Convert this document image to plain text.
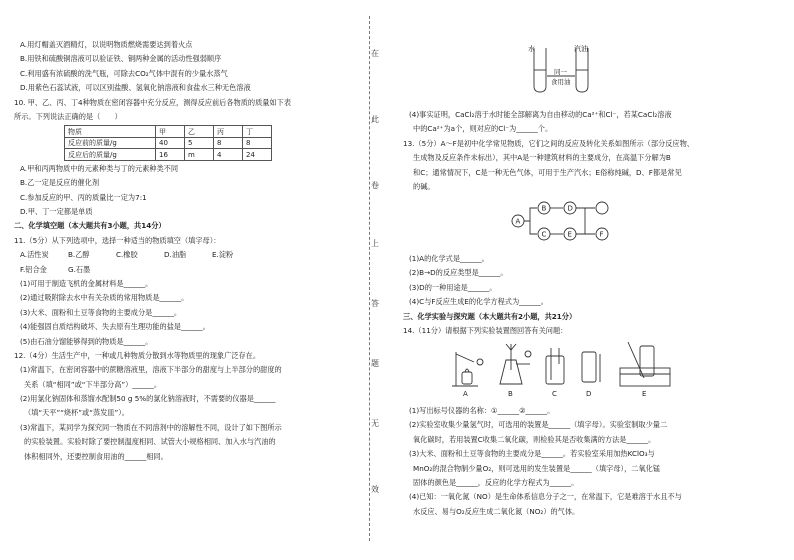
A.用灯帽盖灭酒精灯，以说明物质燃烧需要达到着火点
B.用铁和硫酸铜溶液可以验证铁、铜两种金属的活动性强弱顺序
C.利用盛有浓硫酸的洗气瓶，可除去CO₂气体中混有的少量水蒸气
D.用紫色石蕊试液，可以区别盐酸、氢氧化钠溶液和食盐水三种无色溶液
10. 甲、乙、丙、丁4种物质在密闭容器中充分反应，测得反应前后各物质的质量如下表
所示。下列说法正确的是（　　）
物质	甲	乙	丙	丁
反应前的质量/g	40	5	8	8
反应后的质量/g	16	m	4	24
A.甲和丙两物质中的元素种类与丁的元素种类不同
B.乙一定是反应的催化剂
C.参加反应的甲、丙的质量比一定为7:1
D.甲、丁一定都是单质
二、化学填空题（本大题共有3小题，共14分）
11.（5分）从下列选项中，选择一种适当的物质填空（填字母）：
A.活性炭	B.乙醇	C.橡胶	D.油脂	E.淀粉
F.铝合金	G.石墨
(1)可用于制造飞机的金属材料是______。
(2)通过吸附除去水中有关杂质的常用物质是______。
(3)大米、面粉和土豆等食物的主要成分是______。
(4)能强固自质结构破坏、失去原有生理功能的盐是______。
(5)由石油分馏能够得到的物质是______。
12.（4分）生活生产中，一种或几种物质分散到水等物质里的现象广泛存在。
(1)常温下，在密闭容器中的蔗糖溶液里，溶液下半部分的甜度与上半部分的甜度的
关系（填“相同”或“下半部分高”）______。
(2)用氯化钠固体和蒸馏水配制50 g 5%的氯化钠溶液时，不需要的仪器是______
（填“天平”“烧杯”或“蒸发皿”）。
(3)常温下，某同学为探究同一物质在不同溶剂中的溶解性不同，设计了如下图所示
的实验装置。实验时除了要控制温度相同、试管大小规格相同、加入水与汽油的
体积相同外，还要控制食用油的______相同。
在
此
卷
上
答
题
无
效
水	汽油
同一
食用油
(4)事实证明，CaCl₂溶于水时能全部解离为自由移动的Ca²⁺和Cl⁻，若某CaCl₂溶液
中的Ca²⁺为a个，则对应的Cl⁻为______个。
13.（5分）A～F是初中化学常见物质，它们之间的反应及转化关系如图所示（部分反应物、
生成物及反应条件未标出），其中A是一种建筑材料的主要成分，在高温下分解为B
和C；通常情况下，C是一种无色气体，可用于生产汽水；E俗称纯碱，D、F都是常见
的碱。
A
B
C
D
E	F
(1)A的化学式是______。
(2)B→D的反应类型是______。
(3)D的一种用途是______。
(4)C与F反应生成E的化学方程式为______。
三、化学实验与探究题（本大题共有2小题，共21分）
14.（11分）请根据下列实验装置图回答有关问题：
A	B	C	D	E
(1)写出标号仪器的名称：①______②______。
(2)实验室收集少量氢气时，可选用的装置是______（填字母）。实验室制取少量二
氧化碳时，若用装置C收集二氧化碳，则检验其是否收集满的方法是______。
(3)大米、面粉和土豆等食物的主要成分是______。若实验室采用加热KClO₃与
MnO₂的混合物制少量O₂，则可选用的发生装置是______（填字母），二氧化锰
固体的颜色是______，反应的化学方程式为______。
(4)已知：一氧化氮（NO）是生命体系信息分子之一，在常温下，它是难溶于水且不与
水反应、易与O₂反应生成二氧化氮（NO₂）的气体。
